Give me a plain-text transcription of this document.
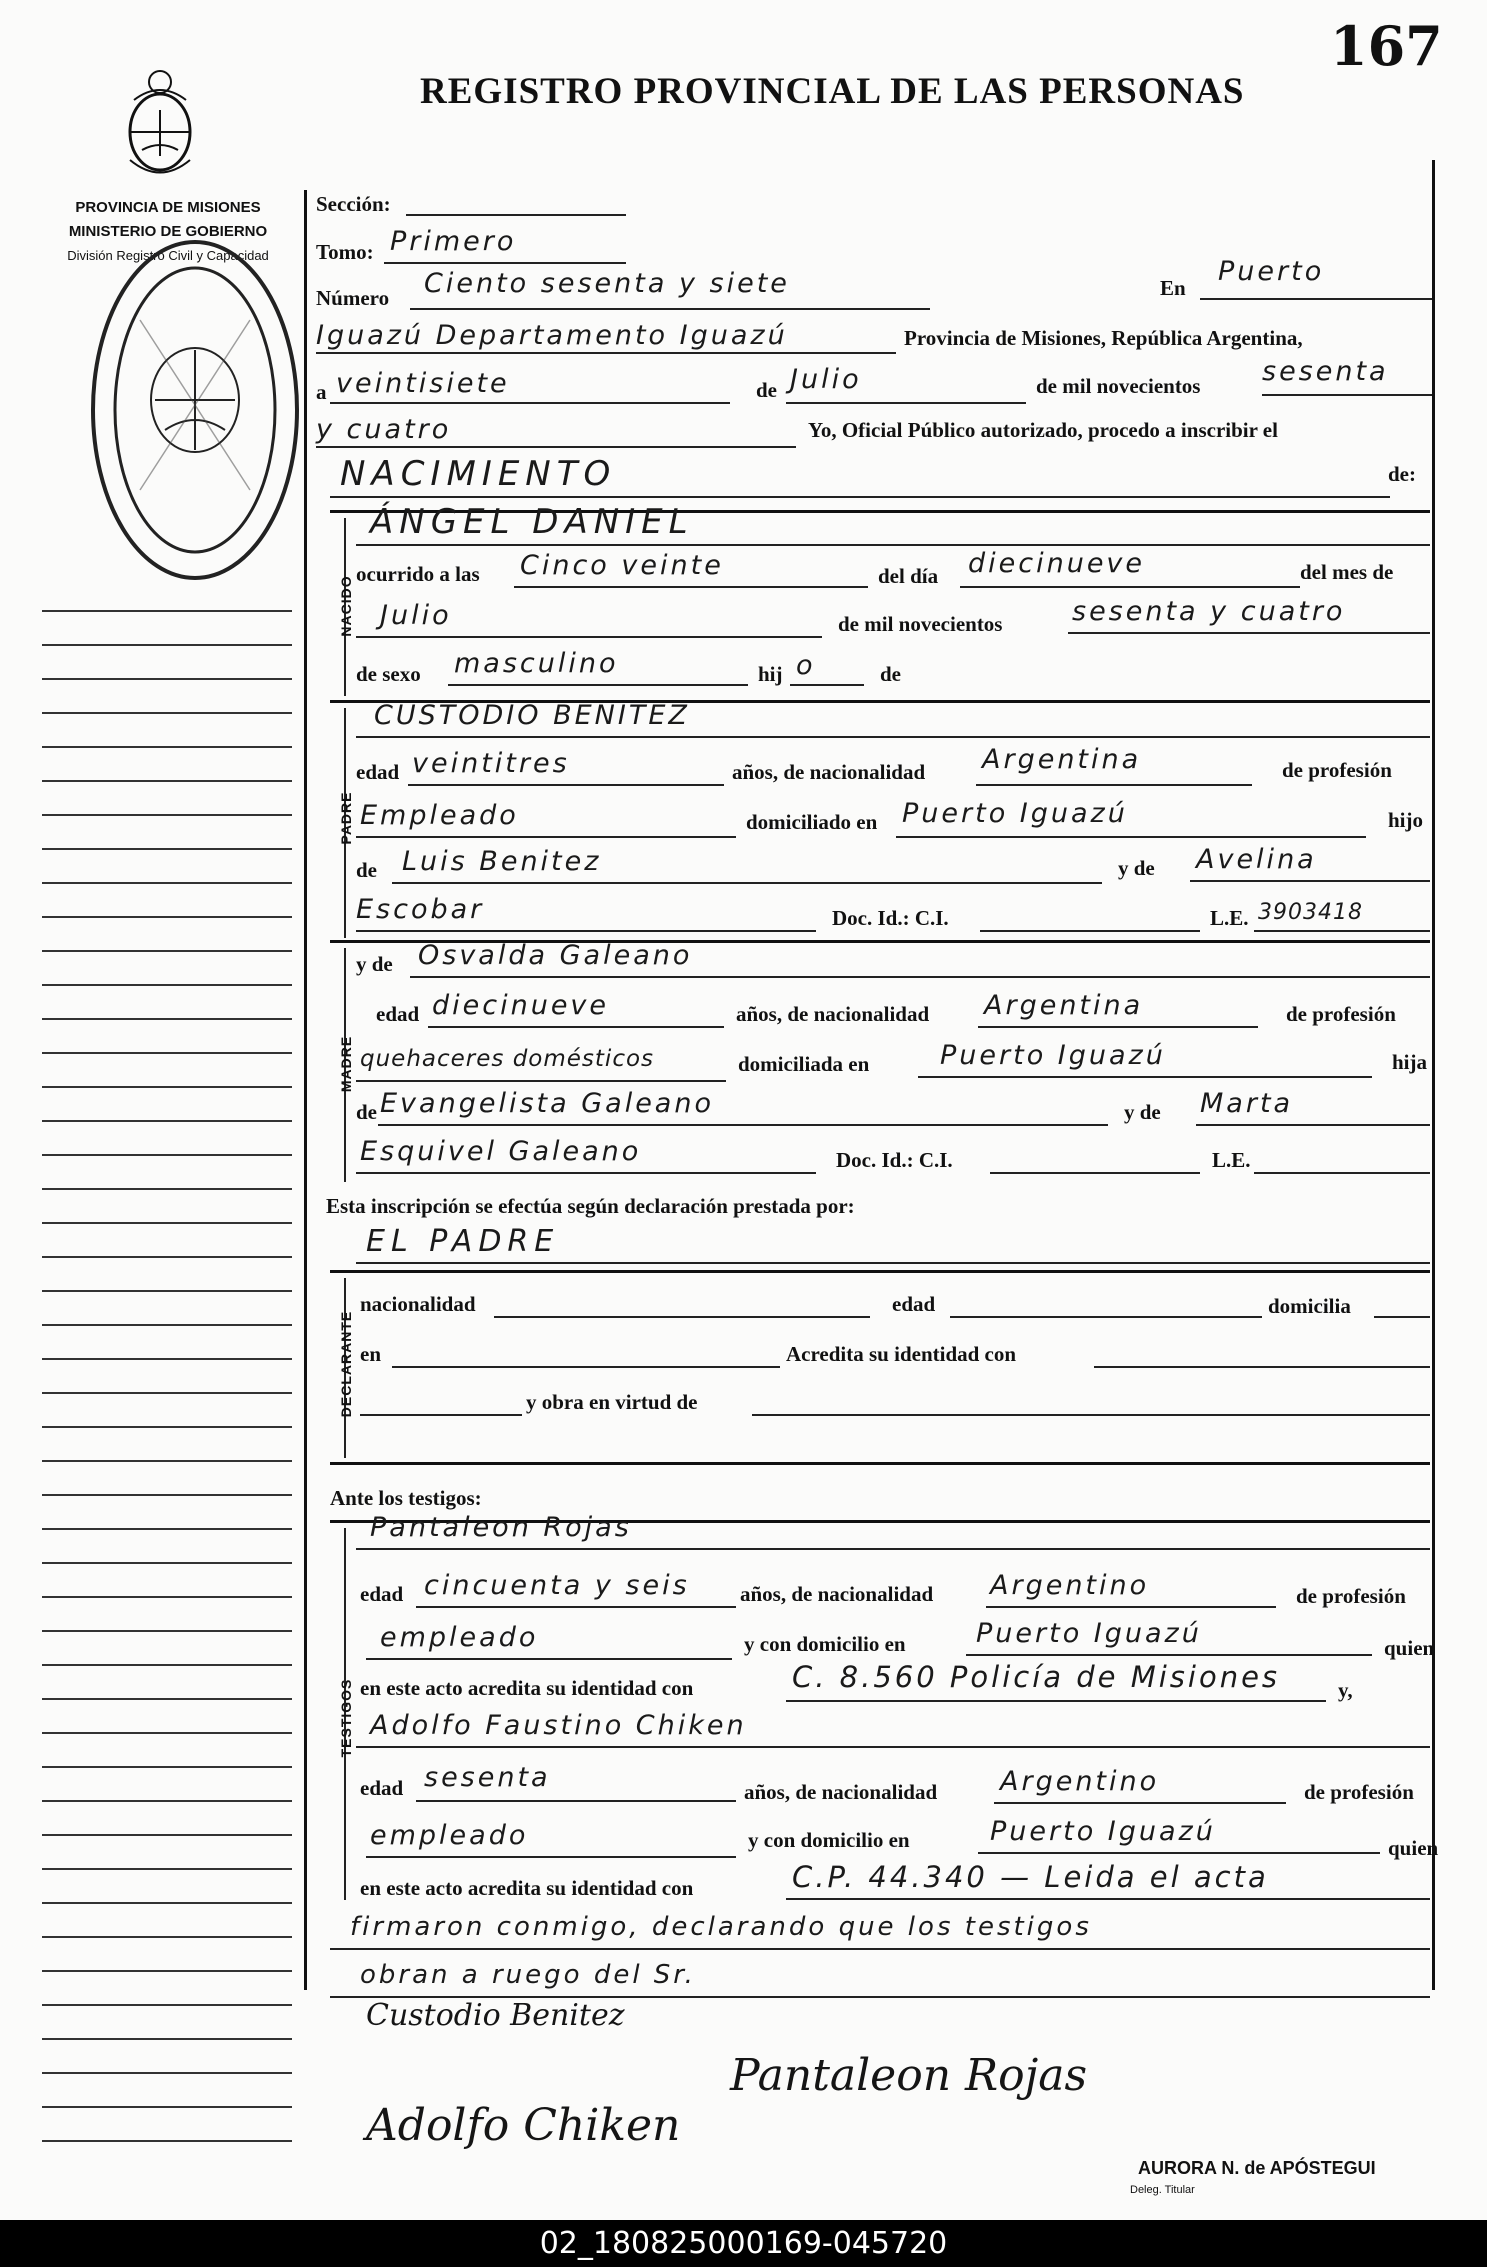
167
REGISTRO PROVINCIAL DE LAS PERSONAS
PROVINCIA DE MISIONES
MINISTERIO DE GOBIERNO
División Registro Civil y Capacidad
Sección:
Tomo: Primero
Número Ciento sesenta y siete	En
Puerto
Iguazú Departamento Iguazú	Provincia de Misiones, República Argentina,
a veintisiete	de Julio	de mil novecientos sesenta
y cuatro	Yo, Oficial Público autorizado, procedo a inscribir el
NACIMIENTO	de:
NACIDO
ÁNGEL DANIEL
ocurrido a las Cinco veinte	del día diecinueve	del mes de
Julio	de mil novecientos	sesenta y cuatro
de sexo masculino	hij o	de
PADRE
CUSTODIO BENITEZ
edad veintitres	años, de nacionalidad Argentina	de profesión
Empleado	domiciliado en Puerto Iguazú	hijo
de Luis Benitez	y de Avelina
Escobar	Doc. Id.: C.I.	L.E. 3903418
MADRE
y de Osvalda Galeano
edad diecinueve	años, de nacionalidad Argentina	de profesión
quehaceres domésticos	domiciliada en	Puerto Iguazú	hija
de Evangelista Galeano	y de Marta
Esquivel Galeano	Doc. Id.: C.I.	L.E.
Esta inscripción se efectúa según declaración prestada por:
EL PADRE
DECLARANTE
nacionalidad	edad	domicilia
en	Acredita su identidad con
y obra en virtud de
Ante los testigos:
TESTIGOS
Pantaleon Rojas
edad cincuenta y seis años, de nacionalidad Argentino	de profesión
empleado	y con domicilio en	Puerto Iguazú	quien
en este acto acredita su identidad con	C. 8.560 Policía de Misiones	y,
Adolfo Faustino Chiken
edad sesenta	años, de nacionalidad Argentino	de profesión
empleado	y con domicilio en	Puerto Iguazú
quien
en este acto acredita su identidad con	C.P. 44.340 — Leida el acta
firmaron conmigo, declarando que los testigos
obran a ruego del Sr.
Custodio Benitez
Pantaleon Rojas
Adolfo Chiken
AURORA N. de APÓSTEGUI
Deleg. Titular
02_180825000169-045720
